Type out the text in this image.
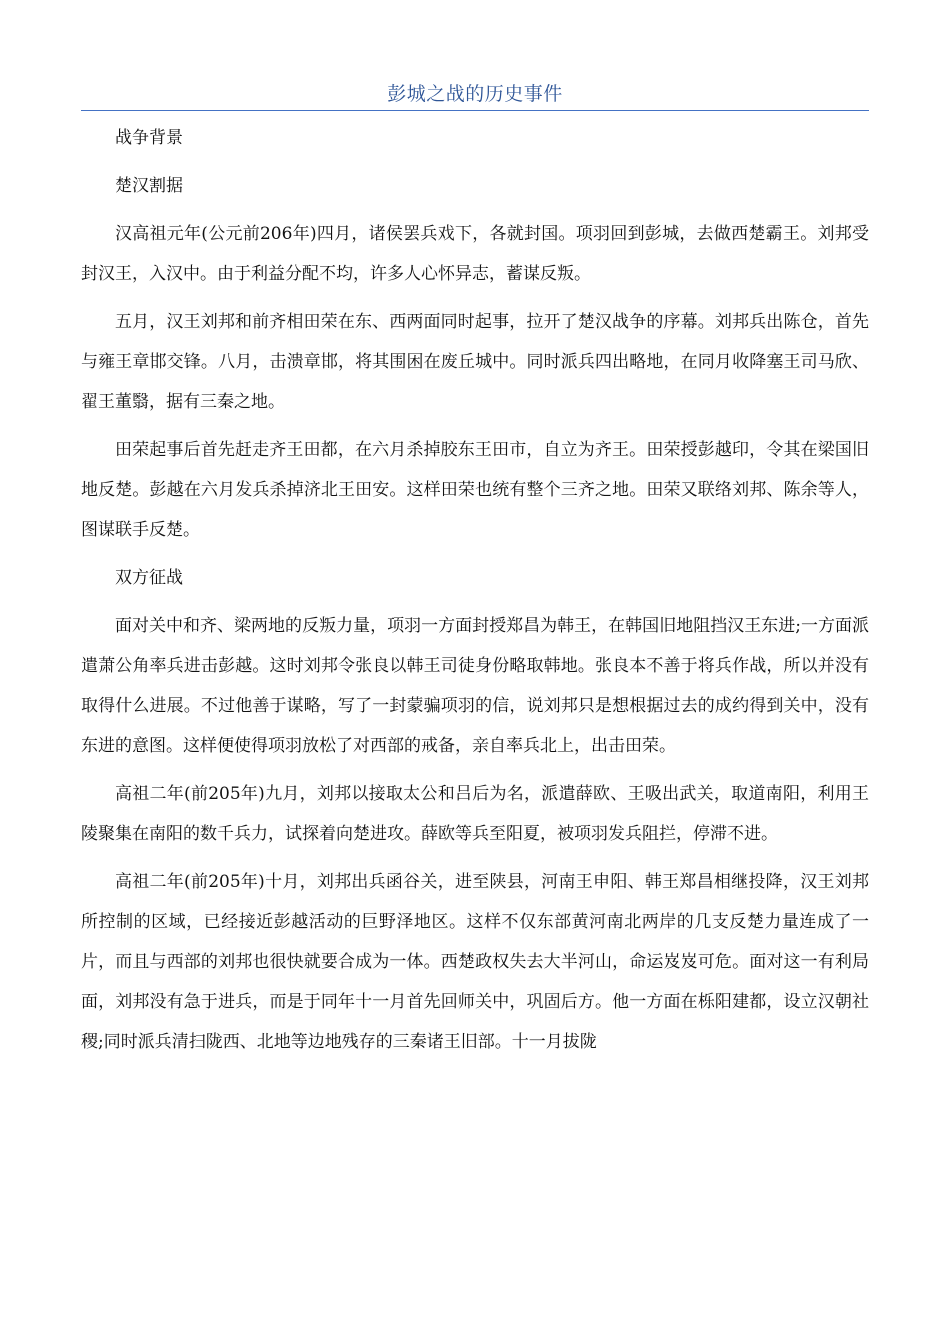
彭城之战的历史事件

战争背景

楚汉割据

汉高祖元年(公元前206年)四月，诸侯罢兵戏下，各就封国。项羽回到彭城，去做西楚霸王。刘邦受封汉王，入汉中。由于利益分配不均，许多人心怀异志，蓄谋反叛。

五月，汉王刘邦和前齐相田荣在东、西两面同时起事，拉开了楚汉战争的序幕。刘邦兵出陈仓，首先与雍王章邯交锋。八月，击溃章邯，将其围困在废丘城中。同时派兵四出略地，在同月收降塞王司马欣、翟王董翳，据有三秦之地。

田荣起事后首先赶走齐王田都，在六月杀掉胶东王田市，自立为齐王。田荣授彭越印，令其在梁国旧地反楚。彭越在六月发兵杀掉济北王田安。这样田荣也统有整个三齐之地。田荣又联络刘邦、陈余等人，图谋联手反楚。

双方征战

面对关中和齐、梁两地的反叛力量，项羽一方面封授郑昌为韩王，在韩国旧地阻挡汉王东进;一方面派遣萧公角率兵进击彭越。这时刘邦令张良以韩王司徒身份略取韩地。张良本不善于将兵作战，所以并没有取得什么进展。不过他善于谋略，写了一封蒙骗项羽的信，说刘邦只是想根据过去的成约得到关中，没有东进的意图。这样便使得项羽放松了对西部的戒备，亲自率兵北上，出击田荣。

高祖二年(前205年)九月，刘邦以接取太公和吕后为名，派遣薛欧、王吸出武关，取道南阳，利用王陵聚集在南阳的数千兵力，试探着向楚进攻。薛欧等兵至阳夏，被项羽发兵阻拦，停滞不进。

高祖二年(前205年)十月，刘邦出兵函谷关，进至陕县，河南王申阳、韩王郑昌相继投降，汉王刘邦所控制的区域，已经接近彭越活动的巨野泽地区。这样不仅东部黄河南北两岸的几支反楚力量连成了一片，而且与西部的刘邦也很快就要合成为一体。西楚政权失去大半河山，命运岌岌可危。面对这一有利局面，刘邦没有急于进兵，而是于同年十一月首先回师关中，巩固后方。他一方面在栎阳建都，设立汉朝社稷;同时派兵清扫陇西、北地等边地残存的三秦诸王旧部。十一月拔陇
